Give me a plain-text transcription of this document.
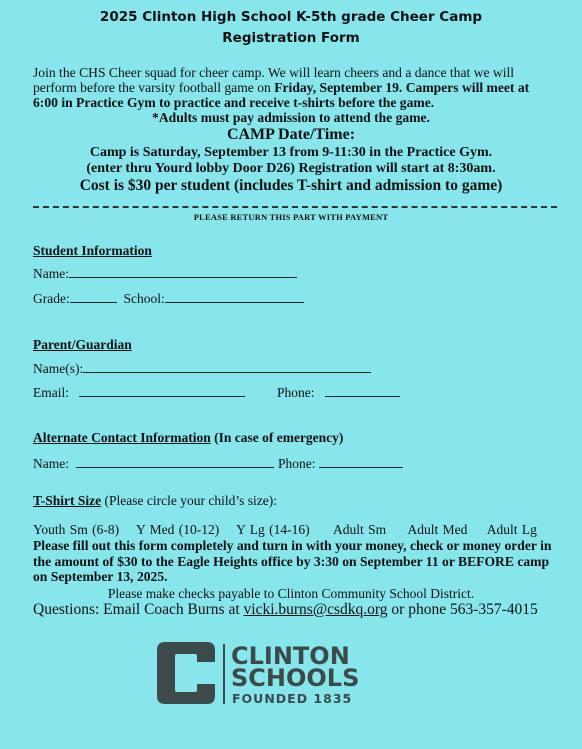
2025 Clinton High School K-5th grade Cheer Camp
Registration Form
Join the CHS Cheer squad for cheer camp. We will learn cheers and a dance that we will
perform before the varsity football game on Friday, September 19. Campers will meet at
6:00 in Practice Gym to practice and receive t-shirts before the game.
*Adults must pay admission to attend the game.
CAMP Date/Time:
Camp is Saturday, September 13 from 9-11:30 in the Practice Gym.
(enter thru Yourd lobby Door D26) Registration will start at 8:30am.
Cost is $30 per student (includes T-shirt and admission to game)
PLEASE RETURN THIS PART WITH PAYMENT
Student Information
Name:
Grade:	School:
Parent/Guardian
Name(s):
Email:	Phone:
Alternate Contact Information (In case of emergency)
Name:	Phone:
T-Shirt Size (Please circle your child’s size):
Youth Sm (6-8) Y Med (10-12) Y Lg (14-16) Adult Sm Adult Med Adult Lg
Please fill out this form completely and turn in with your money, check or money order in the amount of $30 to the Eagle Heights office by 3:30 on September 11 or BEFORE camp on September 13, 2025.
Please make checks payable to Clinton Community School District.
Questions: Email Coach Burns at vicki.burns@csdkq.org or phone 563-357-4015
CLINTON
SCHOOLS
FOUNDED 1835
